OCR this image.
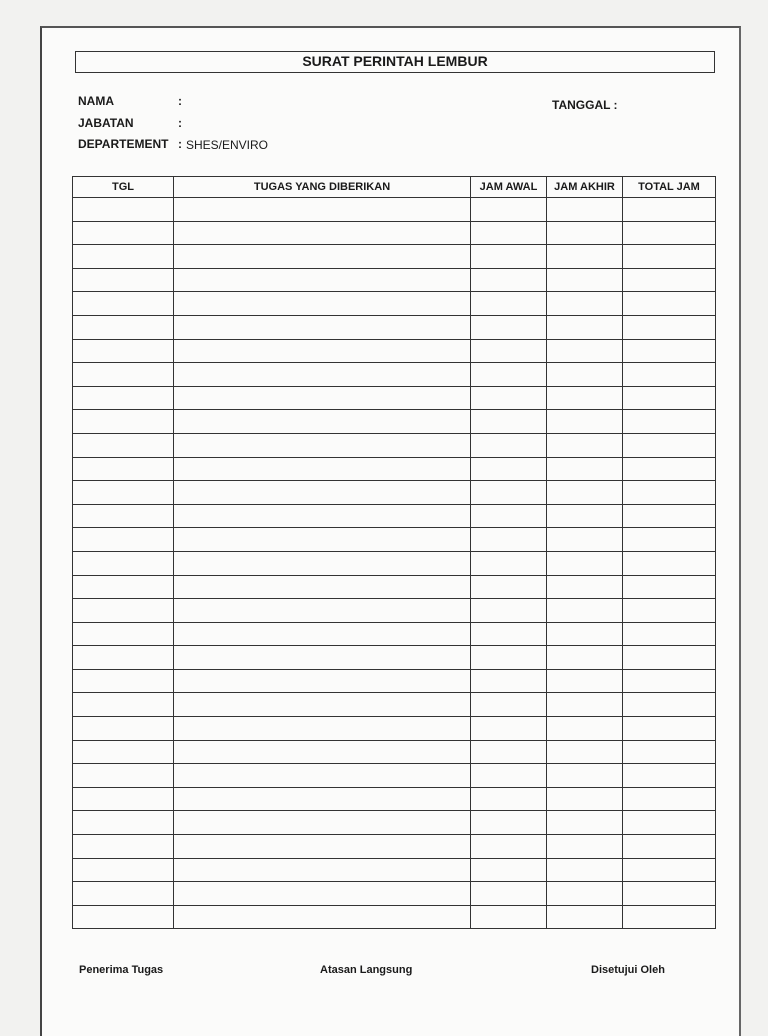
SURAT PERINTAH LEMBUR
NAMA	:
JABATAN	:
DEPARTEMENT : SHES/ENVIRO
TANGGAL :
TGL	TUGAS YANG DIBERIKAN	JAM AWAL	JAM AKHIR	TOTAL JAM

Penerima Tugas	Atasan Langsung	Disetujui Oleh
